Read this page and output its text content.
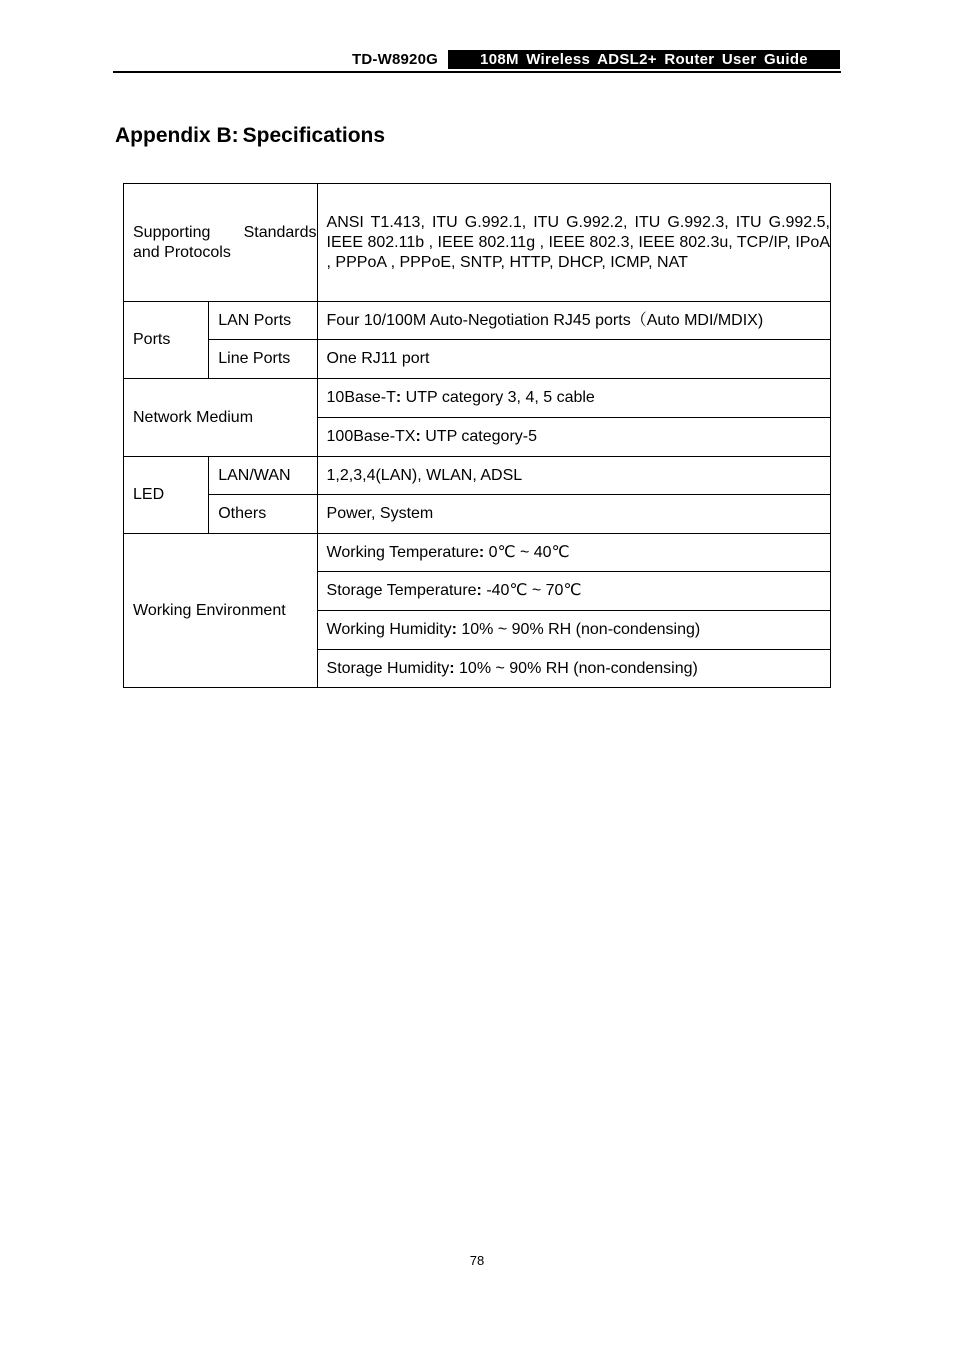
TD-W8920G	108M Wireless ADSL2+ Router User Guide
Appendix B: Specifications
Supporting Standards and Protocols		ANSI T1.413, ITU G.992.1, ITU G.992.2, ITU G.992.3, ITU G.992.5, IEEE 802.11b , IEEE 802.11g , IEEE 802.3, IEEE 802.3u, TCP/IP, IPoA , PPPoA , PPPoE, SNTP, HTTP, DHCP, ICMP, NAT
Ports	LAN Ports	Four 10/100M Auto-Negotiation RJ45 ports（Auto MDI/MDIX)
	Line Ports	One RJ11 port
Network Medium		10Base-T: UTP category 3, 4, 5 cable
		100Base-TX: UTP category-5
LED	LAN/WAN	1,2,3,4(LAN), WLAN, ADSL
	Others	Power, System
Working Environment		Working Temperature: 0℃ ~ 40℃
		Storage Temperature: -40℃ ~ 70℃
		Working Humidity: 10% ~ 90% RH (non-condensing)
		Storage Humidity: 10% ~ 90% RH (non-condensing)
78
